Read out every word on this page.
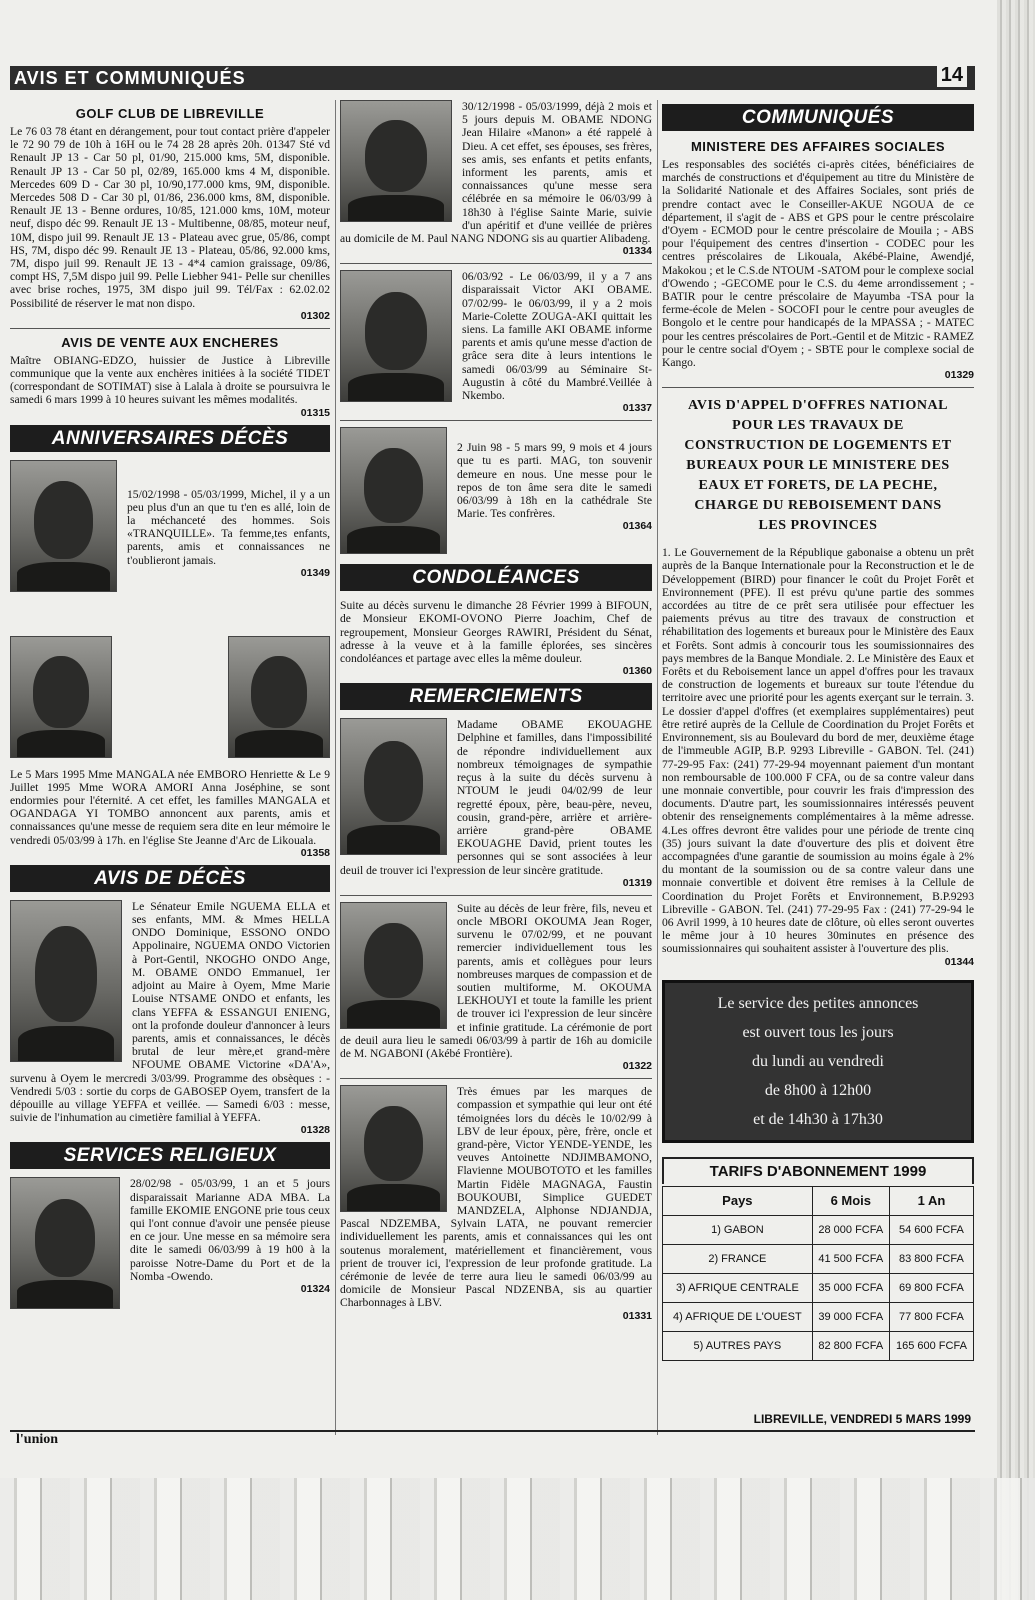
AVIS ET COMMUNIQUÉS	14
GOLF CLUB DE LIBREVILLE

Le 76 03 78 étant en dérangement, pour tout contact prière d'appeler le 72 90 79 de 10h à 16H ou le 74 28 28 après 20h. 01347 Sté vd Renault JP 13 - Car 50 pl, 01/90, 215.000 kms, 5M, disponible. Renault JP 13 - Car 50 pl, 02/89, 165.000 kms 4 M, disponible. Mercedes 609 D - Car 30 pl, 10/90,177.000 kms, 9M, disponible. Mercedes 508 D - Car 30 pl, 01/86, 236.000 kms, 8M, disponible. Renault JE 13 - Benne ordures, 10/85, 121.000 kms, 10M, moteur neuf, dispo déc 99. Renault JE 13 - Multibenne, 08/85, moteur neuf, 10M, dispo juil 99. Renault JE 13 - Plateau avec grue, 05/86, compt HS, 7M, dispo déc 99. Renault JE 13 - Plateau, 05/86, 92.000 kms, 7M, dispo juil 99. Renault JE 13 - 4*4 camion graissage, 09/86, compt HS, 7,5M dispo juil 99. Pelle Liebher 941- Pelle sur chenilles avec brise roches, 1975, 3M dispo juil 99. Tél/Fax : 62.02.02 Possibilité de réserver le mat non dispo.

01302
AVIS DE VENTE AUX ENCHERES

Maître OBIANG-EDZO, huissier de Justice à Libreville communique que la vente aux enchères initiées à la société TIDET (correspondant de SOTIMAT) sise à Lalala à droite se poursuivra le samedi 6 mars 1999 à 10 heures suivant les mêmes modalités.

01315
ANNIVERSAIRES DÉCÈS

15/02/1998 - 05/03/1999, Michel, il y a un peu plus d'un an que tu t'en es allé, loin de la méchanceté des hommes. Sois «TRANQUILLE». Ta femme,tes enfants, parents, amis et connaissances ne t'oublieront jamais.

01349

Le 5 Mars 1995 Mme MANGALA née EMBORO Henriette & Le 9 Juillet 1995 Mme WORA AMORI Anna Joséphine, se sont endormies pour l'éternité. A cet effet, les familles MANGALA et OGANDAGA YI TOMBO annoncent aux parents, amis et connaissances qu'une messe de requiem sera dite en leur mémoire le vendredi 05/03/99 à 17h. en l'église Ste Jeanne d'Arc de Likouala.

01358
AVIS DE DÉCÈS

Le Sénateur Emile NGUEMA ELLA et ses enfants, MM. & Mmes HELLA ONDO Dominique, ESSONO ONDO Appolinaire, NGUEMA ONDO Victorien à Port-Gentil, NKOGHO ONDO Ange, M. OBAME ONDO Emmanuel, 1er adjoint au Maire à Oyem, Mme Marie Louise NTSAME ONDO et enfants, les clans YEFFA & ESSANGUI ENIENG, ont la profonde douleur d'annoncer à leurs parents, amis et connaissances, le décès brutal de leur mère,et grand-mère NFOUME OBAME Victorine «DA'A», survenu à Oyem le mercredi 3/03/99. Programme des obsèques : - Vendredi 5/03 : sortie du corps de GABOSEP Oyem, transfert de la dépouille au village YEFFA et veillée. — Samedi 6/03 : messe, suivie de l'inhumation au cimetière familial à YEFFA.

01328
SERVICES RELIGIEUX

28/02/98 - 05/03/99, 1 an et 5 jours disparaissait Marianne ADA MBA. La famille EKOMIE ENGONE prie tous ceux qui l'ont connue d'avoir une pensée pieuse en ce jour. Une messe en sa mémoire sera dite le samedi 06/03/99 à 19 h00 à la paroisse Notre-Dame du Port et de la Nomba -Owendo.

01324

30/12/1998 - 05/03/1999, déjà 2 mois et 5 jours depuis M. OBAME NDONG Jean Hilaire «Manon» a été rappelé à Dieu. A cet effet, ses épouses, ses frères, ses amis, ses enfants et petits enfants, informent les parents, amis et connaissances qu'une messe sera célébrée en sa mémoire le 06/03/99 à 18h30 à l'église Sainte Marie, suivie d'un apéritif et d'une veillée de prières au domicile de M. Paul NANG NDONG sis au quartier Alibadeng.

01334

06/03/92 - Le 06/03/99, il y a 7 ans disparaissait Victor AKI OBAME. 07/02/99- le 06/03/99, il y a 2 mois Marie-Colette ZOUGA-AKI quittait les siens. La famille AKI OBAME informe parents et amis qu'une messe d'action de grâce sera dite à leurs intentions le samedi 06/03/99 au Séminaire St-Augustin à côté du Mambré.Veillée à Nkembo.

01337

2 Juin 98 - 5 mars 99, 9 mois et 4 jours que tu es parti. MAG, ton souvenir demeure en nous. Une messe pour le repos de ton âme sera dite le samedi 06/03/99 à 18h en la cathédrale Ste Marie. Tes confrères.

01364
CONDOLÉANCES

Suite au décès survenu le dimanche 28 Février 1999 à BIFOUN, de Monsieur EKOMI-OVONO Pierre Joachim, Chef de regroupement, Monsieur Georges RAWIRI, Président du Sénat, adresse à la veuve et à la famille éplorées, ses sincères condoléances et partage avec elles la même douleur.

01360
REMERCIEMENTS

Madame OBAME EKOUAGHE Delphine et familles, dans l'impossibilité de répondre individuellement aux nombreux témoignages de sympathie reçus à la suite du décès survenu à NTOUM le jeudi 04/02/99 de leur regretté époux, père, beau-père, neveu, cousin, grand-père, arrière et arrière-arrière grand-père OBAME EKOUAGHE David, prient toutes les personnes qui se sont associées à leur deuil de trouver ici l'expression de leur sincère gratitude.

01319

Suite au décès de leur frère, fils, neveu et oncle MBORI OKOUMA Jean Roger, survenu le 07/02/99, et ne pouvant remercier individuellement tous les parents, amis et collègues pour leurs nombreuses marques de compassion et de soutien multiforme, M. OKOUMA LEKHOUYI et toute la famille les prient de trouver ici l'expression de leur sincère et infinie gratitude. La cérémonie de port de deuil aura lieu le samedi 06/03/99 à partir de 16h au domicile de M. NGABONI (Akébé Frontière).

01322

Très émues par les marques de compassion et sympathie qui leur ont été témoignées lors du décès le 10/02/99 à LBV de leur époux, père, frère, oncle et grand-père, Victor YENDE-YENDE, les veuves Antoinette NDJIMBAMONO, Flavienne MOUBOTOTO et les familles Martin Fidèle MAGNAGA, Faustin BOUKOUBI, Simplice GUEDET MANDZELA, Alphonse NDJANDJA, Pascal NDZEMBA, Sylvain LATA, ne pouvant remercier individuellement les parents, amis et connaissances qui les ont soutenus moralement, matériellement et financièrement, vous prient de trouver ici, l'expression de leur profonde gratitude. La cérémonie de levée de terre aura lieu le samedi 06/03/99 au domicile de Monsieur Pascal NDZENBA, sis au quartier Charbonnages à LBV.

01331
COMMUNIQUÉS
MINISTERE DES AFFAIRES SOCIALES

Les responsables des sociétés ci-après citées, bénéficiaires de marchés de constructions et d'équipement au titre du Ministère de la Solidarité Nationale et des Affaires Sociales, sont priés de prendre contact avec le Conseiller-AKUE NGOUA de ce département, il s'agit de - ABS et GPS pour le centre préscolaire d'Oyem - ECMOD pour le centre préscolaire de Mouila ; - ABS pour l'équipement des centres d'insertion - CODEC pour les centres préscolaires de Likouala, Akébé-Plaine, Awendjé, Makokou ; et le C.S.de NTOUM -SATOM pour le complexe social d'Owendo ; -GECOME pour le C.S. du 4eme arrondissement ; -BATIR pour le centre préscolaire de Mayumba -TSA pour la ferme-école de Melen - SOCOFI pour le centre pour aveugles de Bongolo et le centre pour handicapés de la MPASSA ; - MATEC pour les centres préscolaires de Port.-Gentil et de Mitzic - RAMEZ pour le centre social d'Oyem ; - SBTE pour le complexe social de Kango.

01329
AVIS D'APPEL D'OFFRES NATIONAL POUR LES TRAVAUX DE CONSTRUCTION DE LOGEMENTS ET BUREAUX POUR LE MINISTERE DES EAUX ET FORETS, DE LA PECHE, CHARGE DU REBOISEMENT DANS LES PROVINCES

1. Le Gouvernement de la République gabonaise a obtenu un prêt auprès de la Banque Internationale pour la Reconstruction et le de Développement (BIRD) pour financer le coût du Projet Forêt et Environnement (PFE). Il est prévu qu'une partie des sommes accordées au titre de ce prêt sera utilisée pour effectuer les paiements prévus au titre des travaux de construction et réhabilitation des logements et bureaux pour le Ministère des Eaux et Forêts. Sont admis à concourir tous les soumissionnaires des pays membres de la Banque Mondiale. 2. Le Ministère des Eaux et Forêts et du Reboisement lance un appel d'offres pour les travaux de construction de logements et bureaux sur toute l'étendue du territoire avec une priorité pour les agents exerçant sur le terrain. 3. Le dossier d'appel d'offres (et exemplaires supplémentaires) peut être retiré auprès de la Cellule de Coordination du Projet Forêts et Environnement, sis au Boulevard du bord de mer, deuxième étage de l'immeuble AGIP, B.P. 9293 Libreville - GABON. Tel. (241) 77-29-95 Fax: (241) 77-29-94 moyennant paiement d'un montant non remboursable de 100.000 F CFA, ou de sa contre valeur dans une monnaie convertible, pour couvrir les frais d'impression des documents. D'autre part, les soumissionnaires intéressés peuvent obtenir des renseignements complémentaires à la même adresse. 4.Les offres devront être valides pour une période de trente cinq (35) jours suivant la date d'ouverture des plis et doivent être accompagnées d'une garantie de soumission au moins égale à 2% du montant de la soumission ou de sa contre valeur dans une monnaie convertible et doivent être remises à la Cellule de Coordination du Projet Forêts et Environnement, B.P.9293 Libreville - GABON. Tel. (241) 77-29-95 Fax : (241) 77-29-94 le 06 Avril 1999, à 10 heures date de clôture, où elles seront ouvertes le même jour à 10 heures 30minutes en présence des soumissionnaires qui souhaitent assister à l'ouverture des plis.

01344
Le service des petites annonces
est ouvert tous les jours
du lundi au vendredi
de 8h00 à 12h00
et de 14h30 à 17h30
TARIFS D'ABONNEMENT 1999
Pays	6 Mois	1 An
1) GABON	28 000 FCFA	54 600 FCFA
2) FRANCE	41 500 FCFA	83 800 FCFA
3) AFRIQUE CENTRALE	35 000 FCFA	69 800 FCFA
4) AFRIQUE DE L'OUEST	39 000 FCFA	77 800 FCFA
5) AUTRES PAYS	82 800 FCFA	165 600 FCFA
l'union
LIBREVILLE, VENDREDI 5 MARS 1999
